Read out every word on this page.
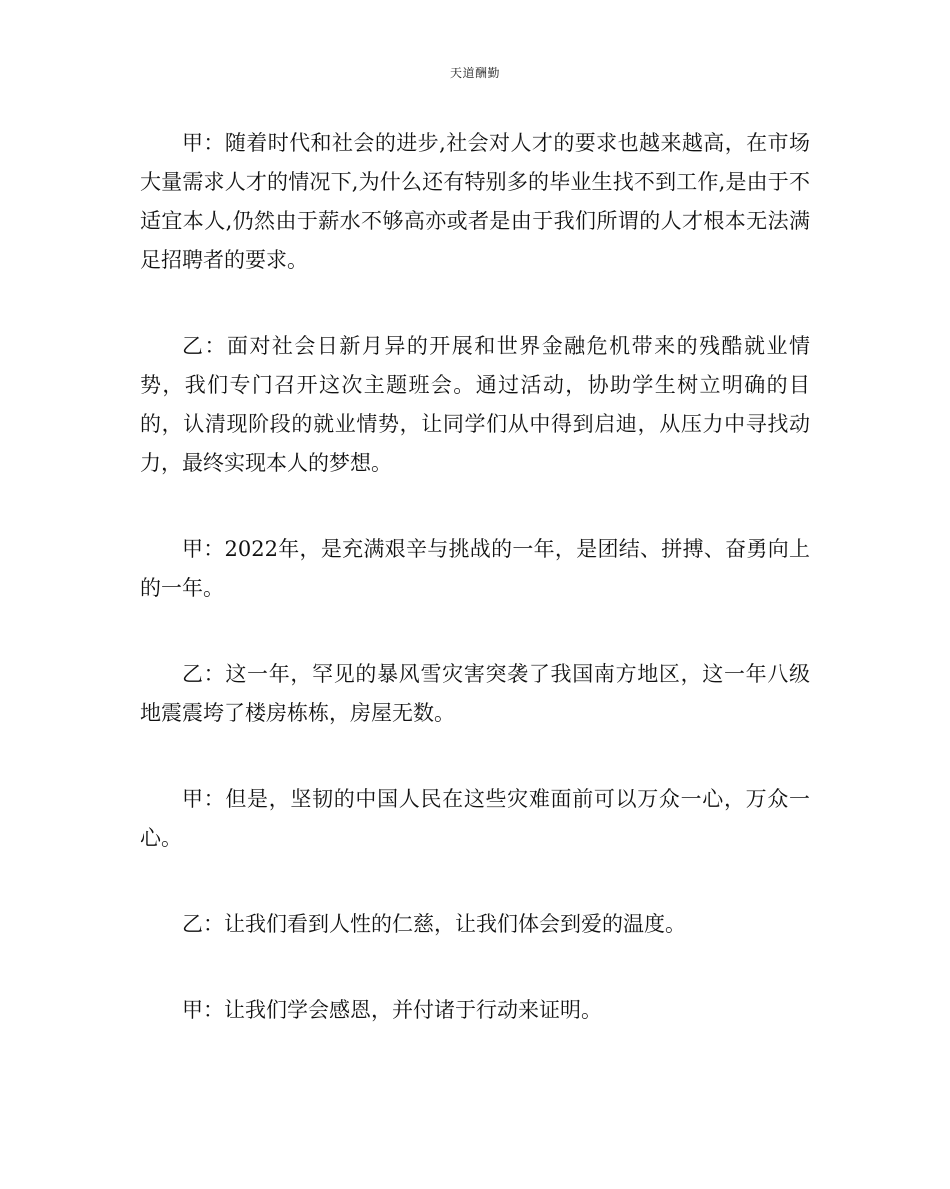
天道酬勤

甲：随着时代和社会的进步,社会对人才的要求也越来越高，在市场大量需求人才的情况下,为什么还有特别多的毕业生找不到工作,是由于不适宜本人,仍然由于薪水不够高亦或者是由于我们所谓的人才根本无法满足招聘者的要求。

乙：面对社会日新月异的开展和世界金融危机带来的残酷就业情势，我们专门召开这次主题班会。通过活动，协助学生树立明确的目的，认清现阶段的就业情势，让同学们从中得到启迪，从压力中寻找动力，最终实现本人的梦想。

甲：2022年，是充满艰辛与挑战的一年，是团结、拼搏、奋勇向上的一年。

乙：这一年，罕见的暴风雪灾害突袭了我国南方地区，这一年八级地震震垮了楼房栋栋，房屋无数。

甲：但是，坚韧的中国人民在这些灾难面前可以万众一心，万众一心。

乙：让我们看到人性的仁慈，让我们体会到爱的温度。

甲：让我们学会感恩，并付诸于行动来证明。
